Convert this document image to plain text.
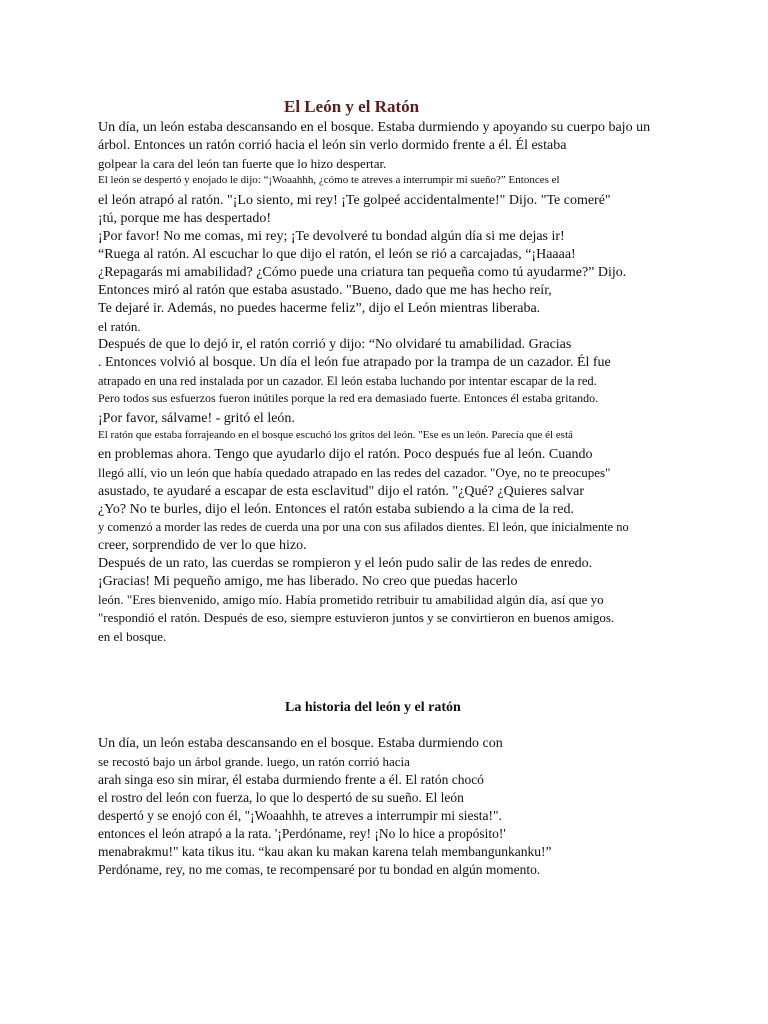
El León y el Ratón
Un día, un león estaba descansando en el bosque. Estaba durmiendo y apoyando su cuerpo bajo un
árbol. Entonces un ratón corrió hacia el león sin verlo dormido frente a él. Él estaba
golpear la cara del león tan fuerte que lo hizo despertar.
El león se despertó y enojado le dijo: “¡Woaahhh, ¿cómo te atreves a interrumpir mi sueño?” Entonces el
el león atrapó al ratón. "¡Lo siento, mi rey! ¡Te golpeé accidentalmente!" Dijo. "Te comeré"
¡tú, porque me has despertado!
¡Por favor! No me comas, mi rey; ¡Te devolveré tu bondad algún día si me dejas ir!
“Ruega al ratón. Al escuchar lo que dijo el ratón, el león se rió a carcajadas, “¡Haaaa!
¿Repagarás mi amabilidad? ¿Cómo puede una criatura tan pequeña como tú ayudarme?” Dijo.
Entonces miró al ratón que estaba asustado. "Bueno, dado que me has hecho reír,
Te dejaré ir. Además, no puedes hacerme feliz”, dijo el León mientras liberaba.
el ratón.
Después de que lo dejó ir, el ratón corrió y dijo: “No olvidaré tu amabilidad. Gracias
. Entonces volvió al bosque. Un día el león fue atrapado por la trampa de un cazador. Él fue
atrapado en una red instalada por un cazador. El león estaba luchando por intentar escapar de la red.
Pero todos sus esfuerzos fueron inútiles porque la red era demasiado fuerte. Entonces él estaba gritando.
¡Por favor, sálvame! - gritó el león.
El ratón que estaba forrajeando en el bosque escuchó los gritos del león. "Ese es un león. Parecía que él está
en problemas ahora. Tengo que ayudarlo dijo el ratón. Poco después fue al león. Cuando
llegó allí, vio un león que había quedado atrapado en las redes del cazador. "Oye, no te preocupes"
asustado, te ayudaré a escapar de esta esclavitud" dijo el ratón. "¿Qué? ¿Quieres salvar
¿Yo? No te burles, dijo el león. Entonces el ratón estaba subiendo a la cima de la red.
y comenzó a morder las redes de cuerda una por una con sus afilados dientes. El león, que inicialmente no
creer, sorprendido de ver lo que hizo.
Después de un rato, las cuerdas se rompieron y el león pudo salir de las redes de enredo.
¡Gracias! Mi pequeño amigo, me has liberado. No creo que puedas hacerlo
león. "Eres bienvenido, amigo mío. Había prometido retribuir tu amabilidad algún día, así que yo
"respondió el ratón. Después de eso, siempre estuvieron juntos y se convirtieron en buenos amigos.
en el bosque.
La historia del león y el ratón
Un día, un león estaba descansando en el bosque. Estaba durmiendo con
se recostó bajo un árbol grande. luego, un ratón corrió hacia
arah singa eso sin mirar, él estaba durmiendo frente a él. El ratón chocó
el rostro del león con fuerza, lo que lo despertó de su sueño. El león
despertó y se enojó con él, "¡Woaahhh, te atreves a interrumpir mi siesta!".
entonces el león atrapó a la rata. '¡Perdóname, rey! ¡No lo hice a propósito!'
menabrakmu!" kata tikus itu. “kau akan ku makan karena telah membangunkanku!”
Perdóname, rey, no me comas, te recompensaré por tu bondad en algún momento.
